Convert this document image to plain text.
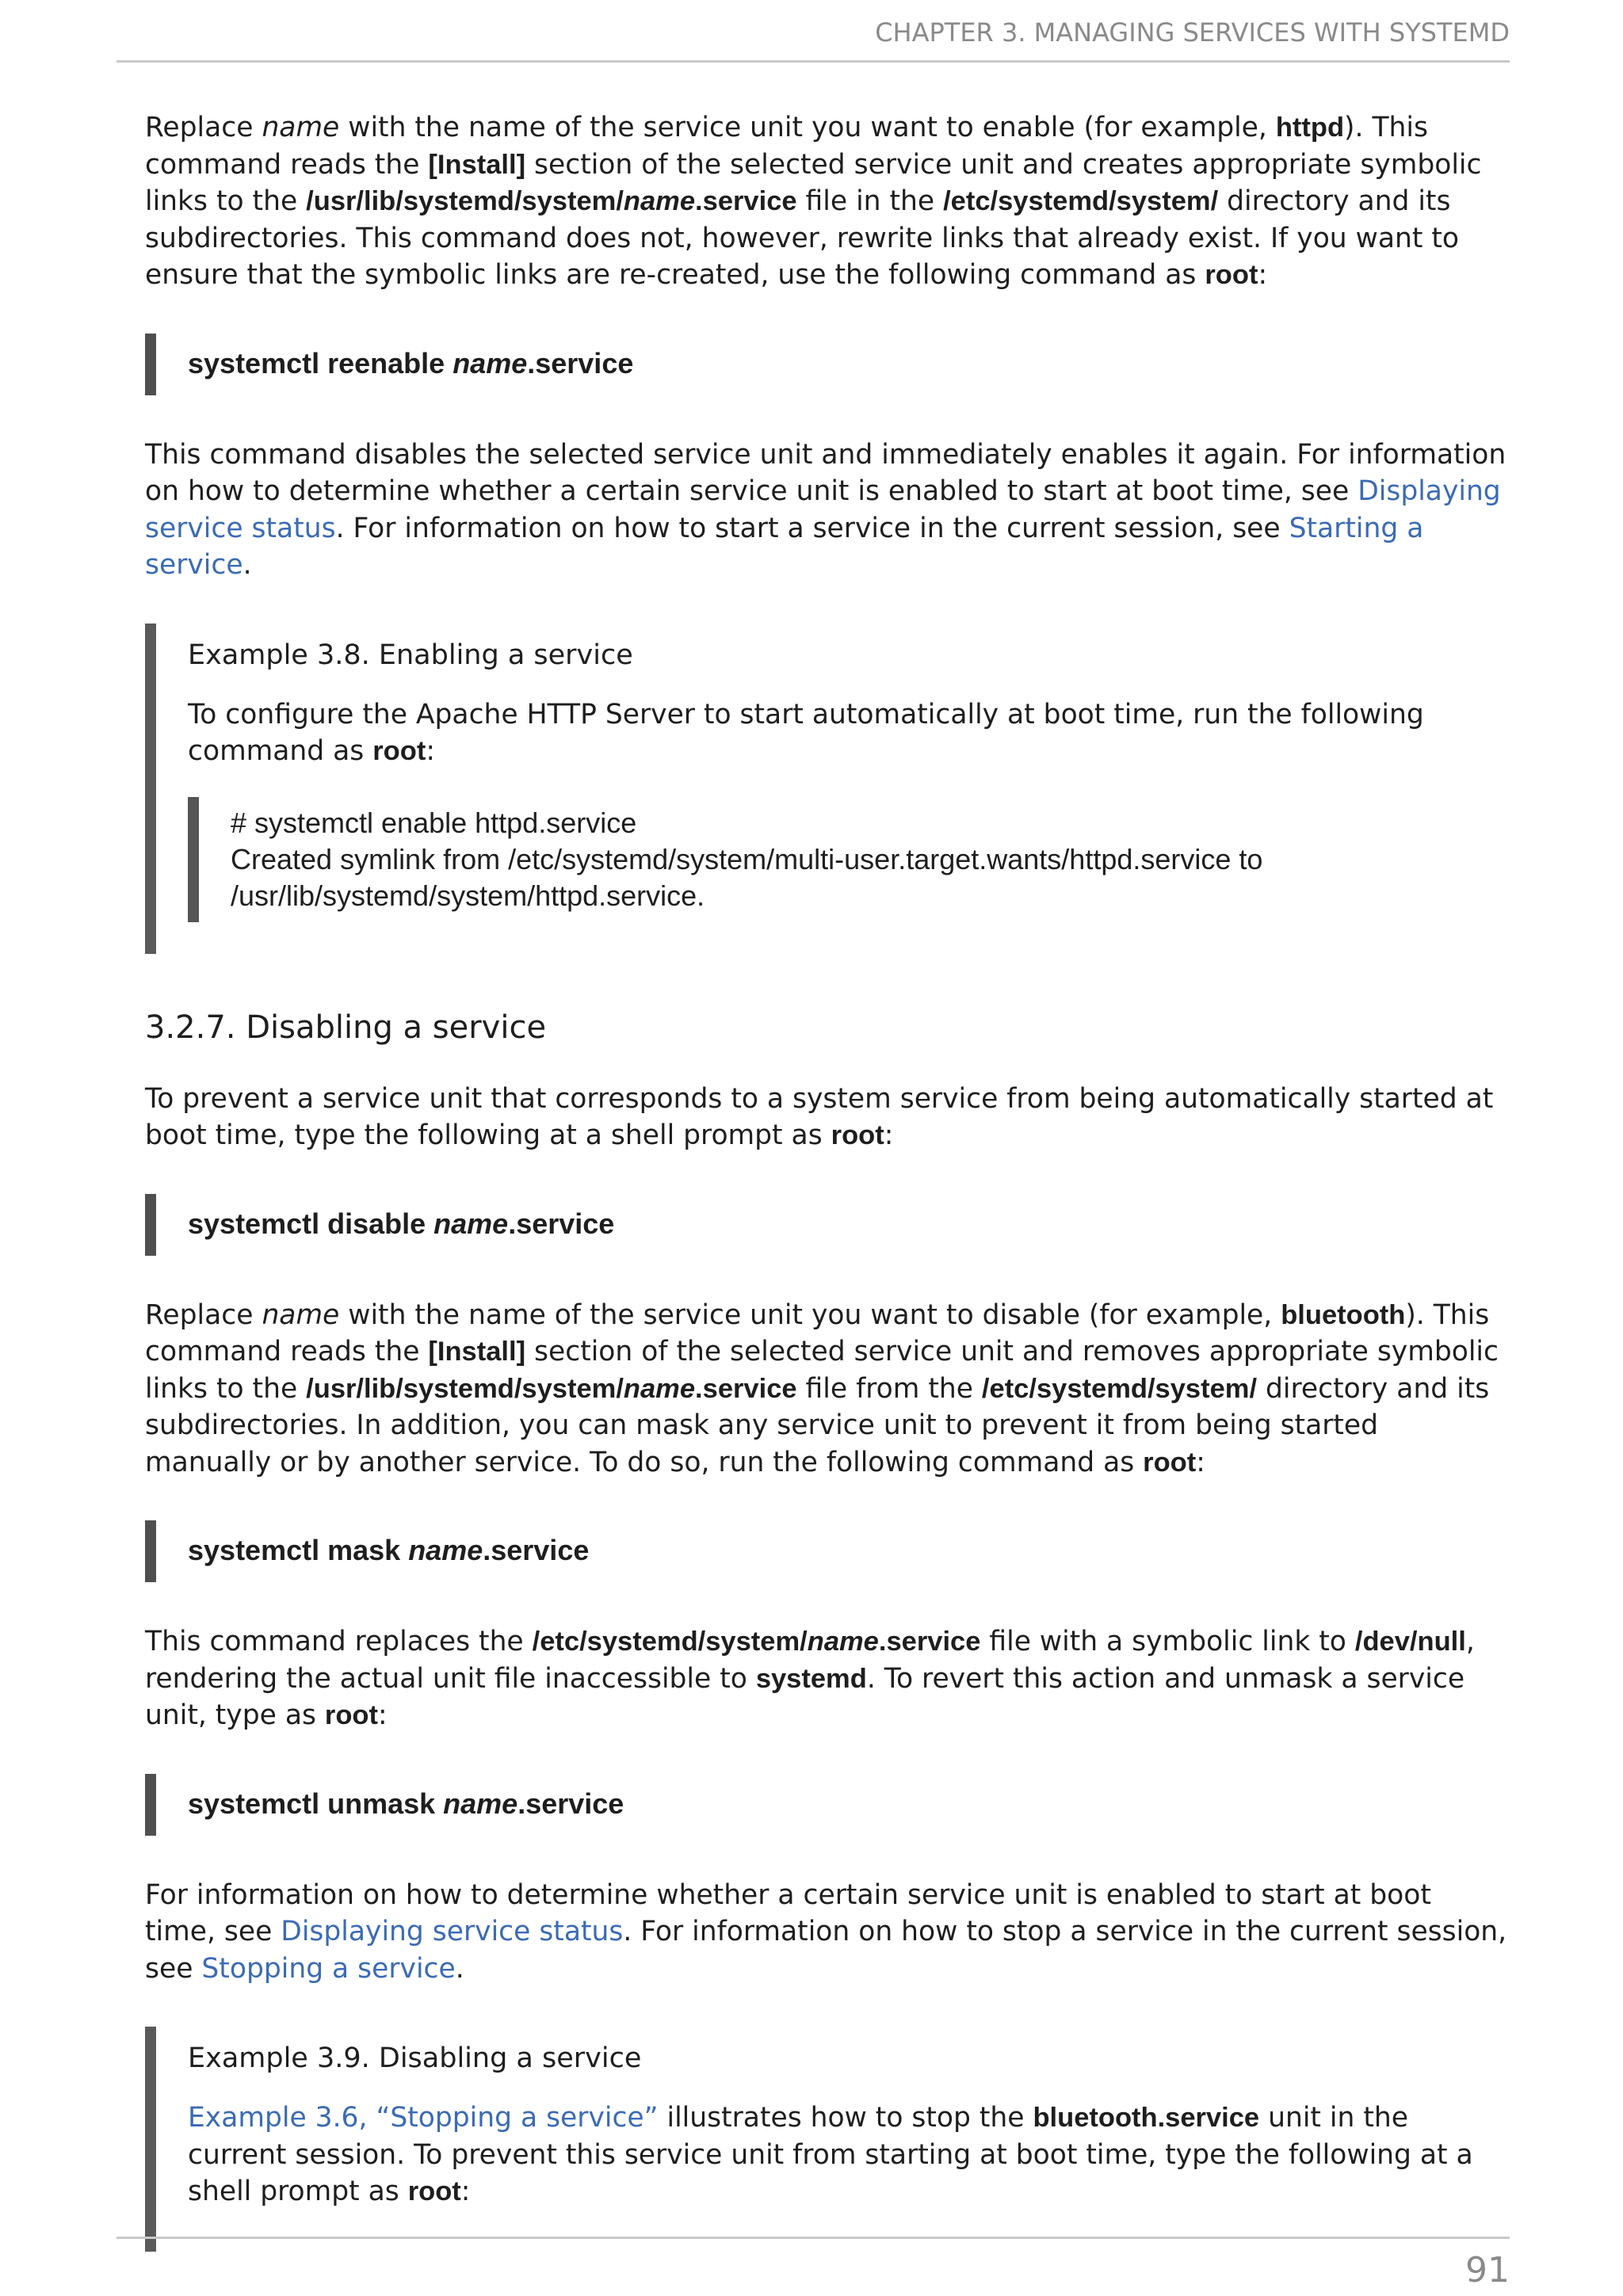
CHAPTER 3. MANAGING SERVICES WITH SYSTEMD

Replace name with the name of the service unit you want to enable (for example, httpd). This command reads the [Install] section of the selected service unit and creates appropriate symbolic links to the /usr/lib/systemd/system/name.service file in the /etc/systemd/system/ directory and its subdirectories. This command does not, however, rewrite links that already exist. If you want to ensure that the symbolic links are re-created, use the following command as root:

systemctl reenable name.service

This command disables the selected service unit and immediately enables it again. For information on how to determine whether a certain service unit is enabled to start at boot time, see Displaying service status. For information on how to start a service in the current session, see Starting a service.

Example 3.8. Enabling a service

To configure the Apache HTTP Server to start automatically at boot time, run the following command as root:

# systemctl enable httpd.service
Created symlink from /etc/systemd/system/multi-user.target.wants/httpd.service to
/usr/lib/systemd/system/httpd.service.
3.2.7. Disabling a service

To prevent a service unit that corresponds to a system service from being automatically started at boot time, type the following at a shell prompt as root:

systemctl disable name.service

Replace name with the name of the service unit you want to disable (for example, bluetooth). This command reads the [Install] section of the selected service unit and removes appropriate symbolic links to the /usr/lib/systemd/system/name.service file from the /etc/systemd/system/ directory and its subdirectories. In addition, you can mask any service unit to prevent it from being started manually or by another service. To do so, run the following command as root:

systemctl mask name.service

This command replaces the /etc/systemd/system/name.service file with a symbolic link to /dev/null, rendering the actual unit file inaccessible to systemd. To revert this action and unmask a service unit, type as root:

systemctl unmask name.service

For information on how to determine whether a certain service unit is enabled to start at boot time, see Displaying service status. For information on how to stop a service in the current session, see Stopping a service.

Example 3.9. Disabling a service

Example 3.6, “Stopping a service” illustrates how to stop the bluetooth.service unit in the current session. To prevent this service unit from starting at boot time, type the following at a shell prompt as root:

91
